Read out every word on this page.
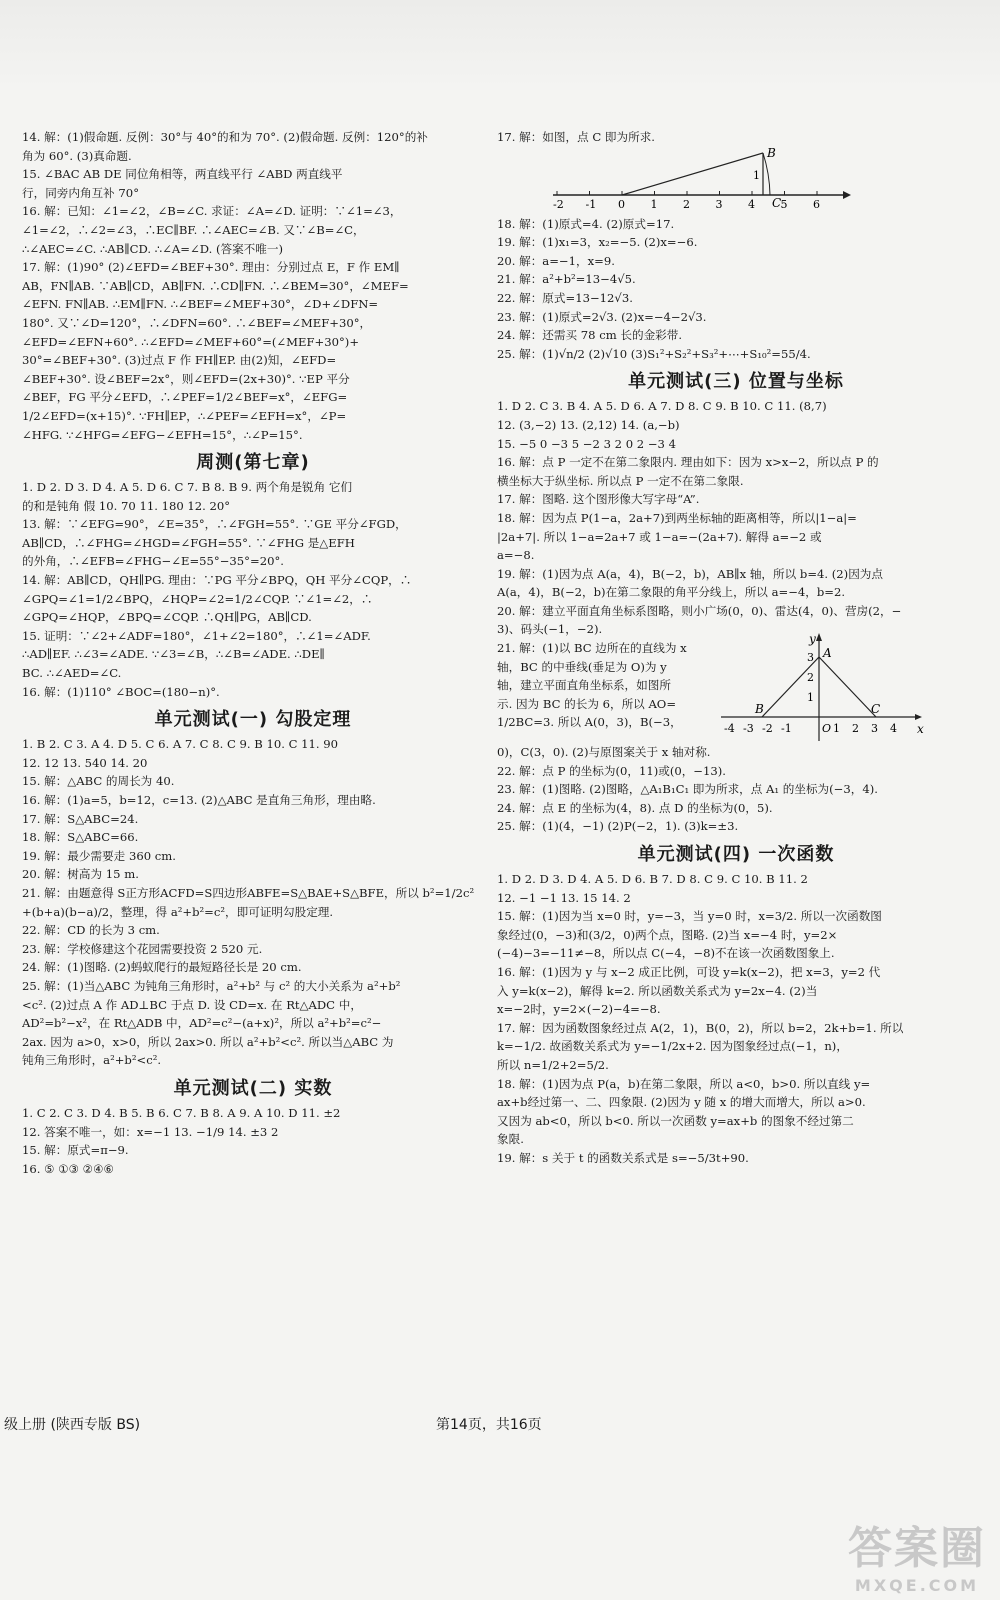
14. 解：(1)假命题. 反例：30°与 40°的和为 70°. (2)假命题. 反例：120°的补
角为 60°. (3)真命题.
15. ∠BAC AB DE 同位角相等，两直线平行 ∠ABD 两直线平
行，同旁内角互补 70°
16. 解：已知：∠1=∠2，∠B=∠C. 求证：∠A=∠D. 证明：∵∠1=∠3，
∠1=∠2，∴∠2=∠3，∴EC∥BF. ∴∠AEC=∠B. 又∵∠B=∠C，
∴∠AEC=∠C. ∴AB∥CD. ∴∠A=∠D. (答案不唯一)
17. 解：(1)90° (2)∠EFD=∠BEF+30°. 理由：分别过点 E，F 作 EM∥
AB，FN∥AB. ∵AB∥CD，AB∥FN. ∴CD∥FN. ∴∠BEM=30°，∠MEF=
∠EFN. FN∥AB. ∴EM∥FN. ∴∠BEF=∠MEF+30°，∠D+∠DFN=
180°. 又∵∠D=120°，∴∠DFN=60°. ∴∠BEF=∠MEF+30°，
∠EFD=∠EFN+60°. ∴∠EFD=∠MEF+60°=(∠MEF+30°)+
30°=∠BEF+30°. (3)过点 F 作 FH∥EP. 由(2)知，∠EFD=
∠BEF+30°. 设∠BEF=2x°，则∠EFD=(2x+30)°. ∵EP 平分
∠BEF，FG 平分∠EFD，∴∠PEF=1/2∠BEF=x°，∠EFG=
1/2∠EFD=(x+15)°. ∵FH∥EP，∴∠PEF=∠EFH=x°，∠P=
∠HFG. ∵∠HFG=∠EFG−∠EFH=15°，∴∠P=15°.
周测(第七章)
1. D 2. D 3. D 4. A 5. D 6. C 7. B 8. B 9. 两个角是锐角 它们
的和是钝角 假 10. 70 11. 180 12. 20°
13. 解：∵∠EFG=90°，∠E=35°，∴∠FGH=55°. ∵GE 平分∠FGD，
AB∥CD，∴∠FHG=∠HGD=∠FGH=55°. ∵∠FHG 是△EFH
的外角，∴∠EFB=∠FHG−∠E=55°−35°=20°.
14. 解：AB∥CD，QH∥PG. 理由：∵PG 平分∠BPQ，QH 平分∠CQP，∴
∠GPQ=∠1=1/2∠BPQ，∠HQP=∠2=1/2∠CQP. ∵∠1=∠2，∴
∠GPQ=∠HQP，∠BPQ=∠CQP. ∴QH∥PG，AB∥CD.
15. 证明：∵∠2+∠ADF=180°，∠1+∠2=180°，∴∠1=∠ADF.
∴AD∥EF. ∴∠3=∠ADE. ∵∠3=∠B，∴∠B=∠ADE. ∴DE∥
BC. ∴∠AED=∠C.
16. 解：(1)110° ∠BOC=(180−n)°.
单元测试(一) 勾股定理
1. B 2. C 3. A 4. D 5. C 6. A 7. C 8. C 9. B 10. C 11. 90
12. 12 13. 540 14. 20
15. 解：△ABC 的周长为 40.
16. 解：(1)a=5，b=12，c=13. (2)△ABC 是直角三角形，理由略.
17. 解：S△ABC=24.
18. 解：S△ABC=66.
19. 解：最少需要走 360 cm.
20. 解：树高为 15 m.
21. 解：由题意得 S正方形ACFD=S四边形ABFE=S△BAE+S△BFE，所以 b²=1/2c²
+(b+a)(b−a)/2，整理，得 a²+b²=c²，即可证明勾股定理.
22. 解：CD 的长为 3 cm.
23. 解：学校修建这个花园需要投资 2 520 元.
24. 解：(1)图略. (2)蚂蚁爬行的最短路径长是 20 cm.
25. 解：(1)当△ABC 为钝角三角形时，a²+b² 与 c² 的大小关系为 a²+b²
<c². (2)过点 A 作 AD⊥BC 于点 D. 设 CD=x. 在 Rt△ADC 中，
AD²=b²−x²，在 Rt△ADB 中，AD²=c²−(a+x)²，所以 a²+b²=c²−
2ax. 因为 a>0，x>0，所以 2ax>0. 所以 a²+b²<c². 所以当△ABC 为
钝角三角形时，a²+b²<c².
单元测试(二) 实数
1. C 2. C 3. D 4. B 5. B 6. C 7. B 8. A 9. A 10. D 11. ±2
12. 答案不唯一，如：x=−1 13. −1/9 14. ±3 2
15. 解：原式=π−9.
16. ⑤ ①③ ②④⑥
17. 解：如图，点 C 即为所求.
-2 -1 0 1 2 3 4 5 6
B
C
1
18. 解：(1)原式=4. (2)原式=17.
19. 解：(1)x₁=3，x₂=−5. (2)x=−6.
20. 解：a=−1，x=9.
21. 解：a²+b²=13−4√5.
22. 解：原式=13−12√3.
23. 解：(1)原式=2√3. (2)x=−4−2√3.
24. 解：还需买 78 cm 长的金彩带.
25. 解：(1)√n/2 (2)√10 (3)S₁²+S₂²+S₃²+⋯+S₁₀²=55/4.
单元测试(三) 位置与坐标
1. D 2. C 3. B 4. A 5. D 6. A 7. D 8. C 9. B 10. C 11. (8,7)
12. (3,−2) 13. (2,12) 14. (a,−b)
15. −5 0 −3 5 −2 3 2 0 2 −3 4
16. 解：点 P 一定不在第二象限内. 理由如下：因为 x>x−2，所以点 P 的
横坐标大于纵坐标. 所以点 P 一定不在第二象限.
17. 解：图略. 这个图形像大写字母“A”.
18. 解：因为点 P(1−a，2a+7)到两坐标轴的距离相等，所以|1−a|=
|2a+7|. 所以 1−a=2a+7 或 1−a=−(2a+7). 解得 a=−2 或
a=−8.
19. 解：(1)因为点 A(a，4)，B(−2，b)，AB∥x 轴，所以 b=4. (2)因为点
A(a，4)，B(−2，b)在第二象限的角平分线上，所以 a=−4，b=2.
20. 解：建立平面直角坐标系图略，则小广场(0，0)、雷达(4，0)、营房(2，−
3)、码头(−1，−2).
21. 解：(1)以 BC 边所在的直线为 x
轴，BC 的中垂线(垂足为 O)为 y
轴，建立平面直角坐标系，如图所
示. 因为 BC 的长为 6，所以 AO=
1/2BC=3. 所以 A(0，3)，B(−3，	-4 -3 -2 -1	O 1 2 3 4
3
2
1
A
B	C
x
y
0)，C(3，0). (2)与原图案关于 x 轴对称.
22. 解：点 P 的坐标为(0，11)或(0，−13).
23. 解：(1)图略. (2)图略，△A₁B₁C₁ 即为所求，点 A₁ 的坐标为(−3，4).
24. 解：点 E 的坐标为(4，8). 点 D 的坐标为(0，5).
25. 解：(1)(4，−1) (2)P(−2，1). (3)k=±3.
单元测试(四) 一次函数
1. D 2. D 3. D 4. A 5. D 6. B 7. D 8. C 9. C 10. B 11. 2
12. −1 −1 13. 15 14. 2
15. 解：(1)因为当 x=0 时，y=−3，当 y=0 时，x=3/2. 所以一次函数图
象经过(0，−3)和(3/2，0)两个点，图略. (2)当 x=−4 时，y=2×
(−4)−3=−11≠−8，所以点 C(−4，−8)不在该一次函数图象上.
16. 解：(1)因为 y 与 x−2 成正比例，可设 y=k(x−2)，把 x=3，y=2 代
入 y=k(x−2)，解得 k=2. 所以函数关系式为 y=2x−4. (2)当
x=−2时，y=2×(−2)−4=−8.
17. 解：因为函数图象经过点 A(2，1)，B(0，2)，所以 b=2，2k+b=1. 所以
k=−1/2. 故函数关系式为 y=−1/2x+2. 因为图象经过点(−1，n)，
所以 n=1/2+2=5/2.
18. 解：(1)因为点 P(a，b)在第二象限，所以 a<0，b>0. 所以直线 y=
ax+b经过第一、二、四象限. (2)因为 y 随 x 的增大而增大，所以 a>0.
又因为 ab<0，所以 b<0. 所以一次函数 y=ax+b 的图象不经过第二
象限.
19. 解：s 关于 t 的函数关系式是 s=−5/3t+90.
级上册 (陕西专版 BS)	第14页，共16页
答案圈
MXQE.COM
